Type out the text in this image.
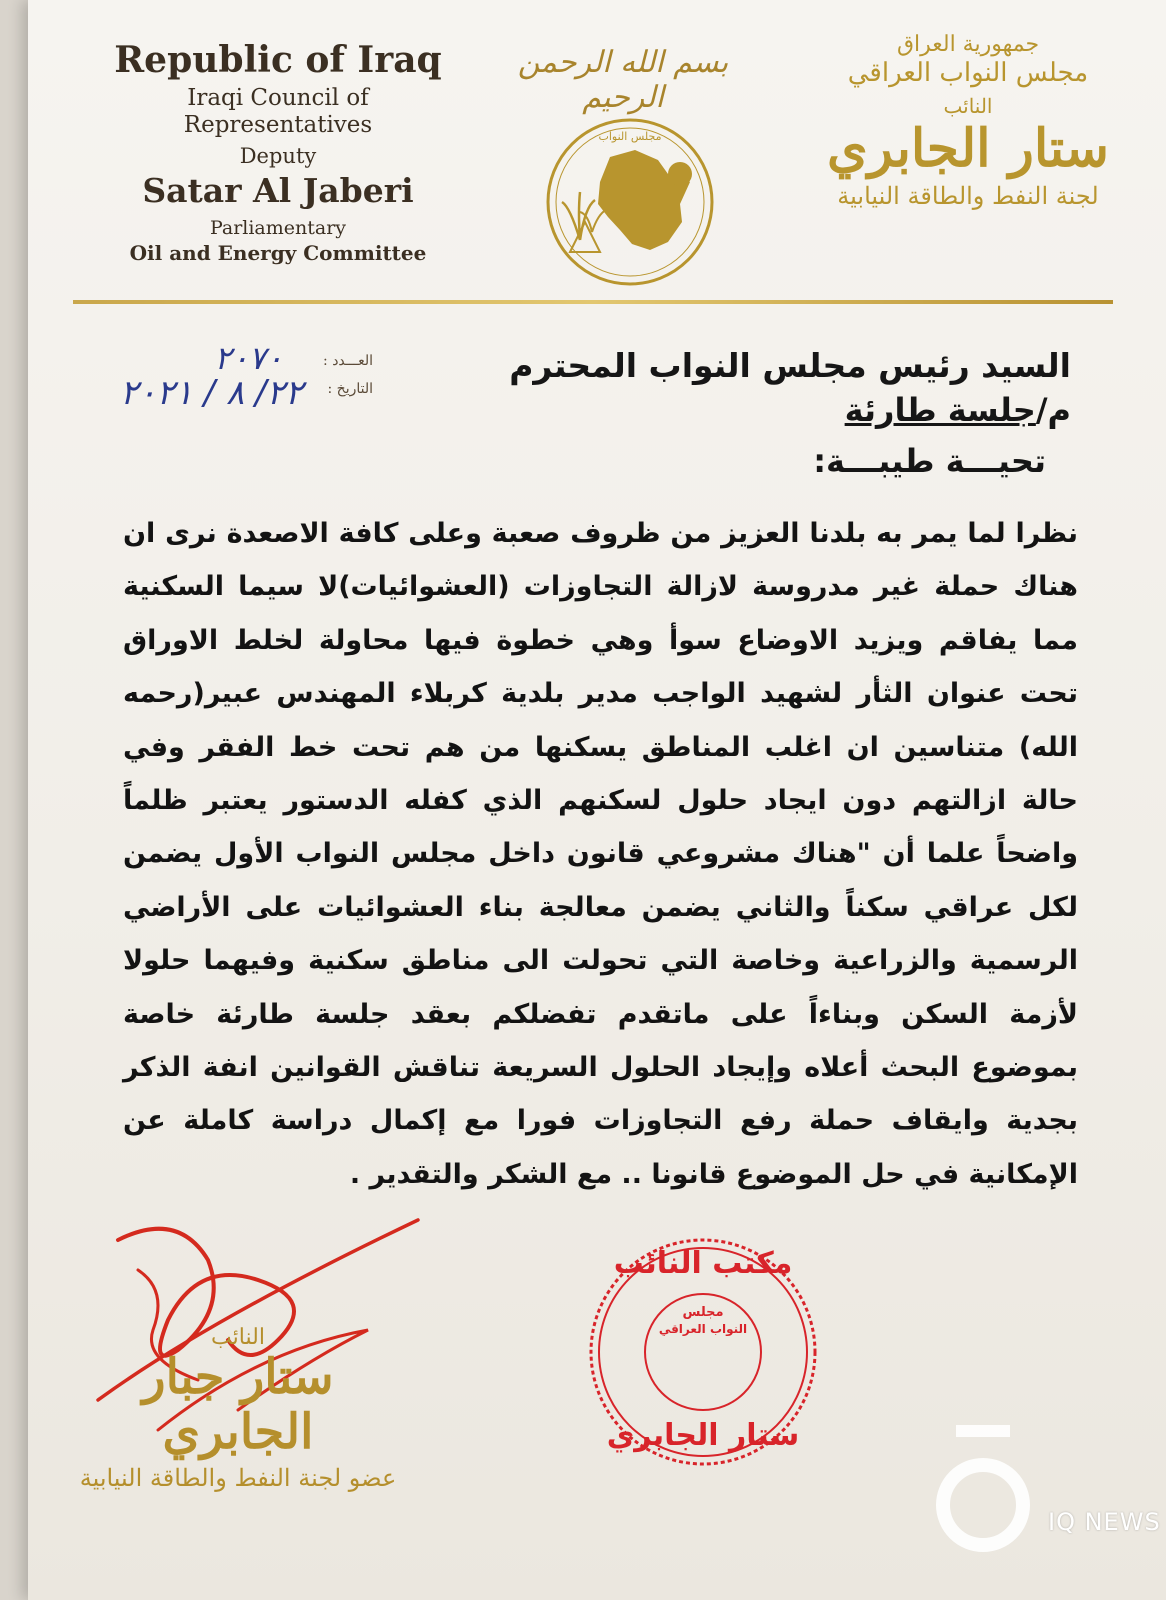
Republic of Iraq
Iraqi Council of Representatives
Deputy
Satar Al Jaberi
Parliamentary
Oil and Energy Committee
بسم الله الرحمن الرحيم
مجلس النواب
جمهورية العراق
مجلس النواب العراقي
النائب
ستار الجابري
لجنة النفط والطاقة النيابية
العـــدد :
٢٠٧٠
التاريخ :
٢٢/ ٨ / ٢٠٢١
السيد رئيس مجلس النواب المحترم
م/جلسة طارئة
تحيـــة طيبـــة:
نظرا لما يمر به بلدنا العزيز من ظروف صعبة وعلى كافة الاصعدة نرى ان هناك حملة غير مدروسة لازالة التجاوزات (العشوائيات)لا سيما السكنية مما يفاقم ويزيد الاوضاع سوأ وهي خطوة فيها محاولة لخلط الاوراق تحت عنوان الثأر لشهيد الواجب مدير بلدية كربلاء المهندس عبير(رحمه الله) متناسين ان اغلب المناطق يسكنها من هم تحت خط الفقر وفي حالة ازالتهم دون ايجاد حلول لسكنهم الذي كفله الدستور يعتبر ظلماً واضحاً علما أن "هناك مشروعي قانون داخل مجلس النواب الأول يضمن لكل عراقي سكناً والثاني يضمن معالجة بناء العشوائيات على الأراضي الرسمية والزراعية وخاصة التي تحولت الى مناطق سكنية وفيهما حلولا لأزمة السكن وبناءاً على ماتقدم تفضلكم بعقد جلسة طارئة خاصة بموضوع البحث أعلاه وإيجاد الحلول السريعة تناقش القوانين انفة الذكر بجدية وايقاف حملة رفع التجاوزات فورا مع إكمال دراسة كاملة عن الإمكانية في حل الموضوع قانونا .. مع الشكر والتقدير .
النائب
ستار جبار الجابري
عضو لجنة النفط والطاقة النيابية
مكتب النائب
مجلس
النواب العراقي
ستار الجابري
IQ NEWS
